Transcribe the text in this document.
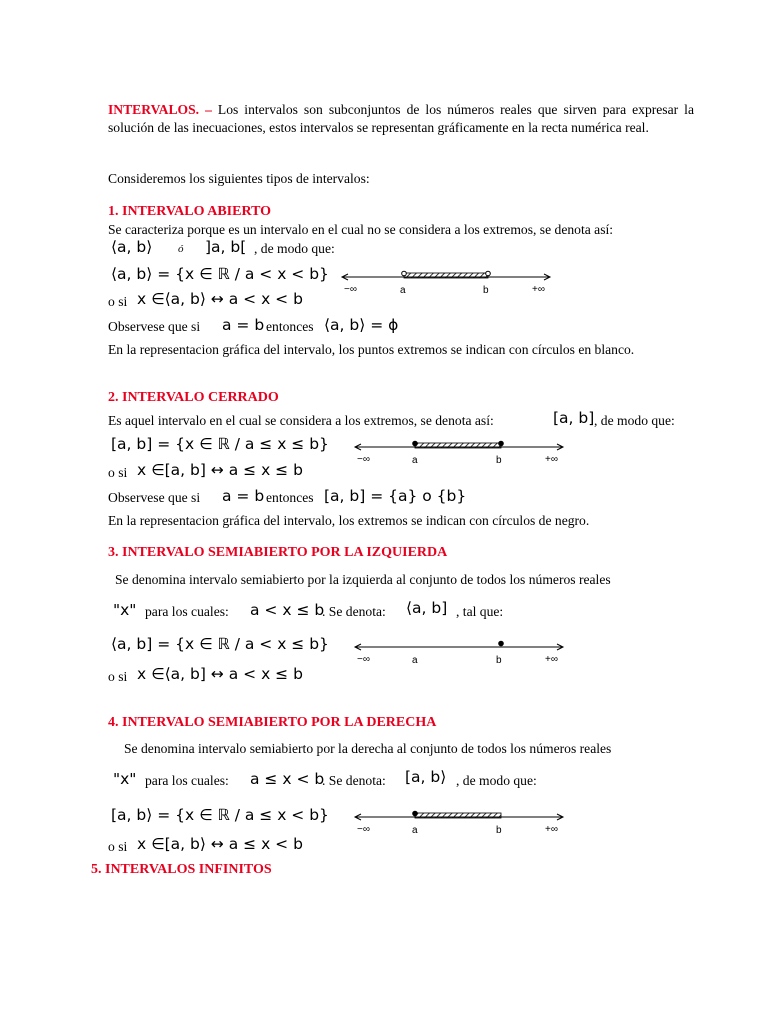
INTERVALOS. – Los intervalos son subconjuntos de los números reales que sirven para expresar la solución de las inecuaciones, estos intervalos se representan gráficamente en la recta numérica real.

Consideremos los siguientes tipos de intervalos:

1. INTERVALO ABIERTO

Se caracteriza porque es un intervalo en el cual no se considera a los extremos, se denota así:

⟨a, b⟩ ó ]a, b[ , de modo que:
⟨a, b⟩ = {x ∈ ℝ / a < x < b}
o si x ∈⟨a, b⟩ ↔ a < x < b
−∞	a	b	+∞
Observese que si a = b entonces ⟨a, b⟩ = ϕ

En la representacion gráfica del intervalo, los puntos extremos se indican con círculos en blanco.

2. INTERVALO CERRADO

Es aquel intervalo en el cual se considera a los extremos, se denota así:	[a, b] , de modo que:
[a, b] = {x ∈ ℝ / a ≤ x ≤ b}
o si x ∈[a, b] ↔ a ≤ x ≤ b
−∞	a	b	+∞
Observese que si a = b entonces [a, b] = {a} o {b}

En la representacion gráfica del intervalo, los extremos se indican con círculos de negro.

3. INTERVALO SEMIABIERTO POR LA IZQUIERDA

Se denomina intervalo semiabierto por la izquierda al conjunto de todos los números reales

"x" para los cuales: a < x ≤ b
. Se denota: ⟨a, b] , tal que:
⟨a, b] = {x ∈ ℝ / a < x ≤ b}
o si x ∈⟨a, b] ↔ a < x ≤ b
−∞	a	b	+∞

4. INTERVALO SEMIABIERTO POR LA DERECHA

Se denomina intervalo semiabierto por la derecha al conjunto de todos los números reales

"x" para los cuales: a ≤ x < b
. Se denota: [a, b⟩ , de modo que:
[a, b⟩ = {x ∈ ℝ / a ≤ x < b}
o si x ∈[a, b⟩ ↔ a ≤ x < b
−∞	a	b	+∞

5. INTERVALOS INFINITOS
